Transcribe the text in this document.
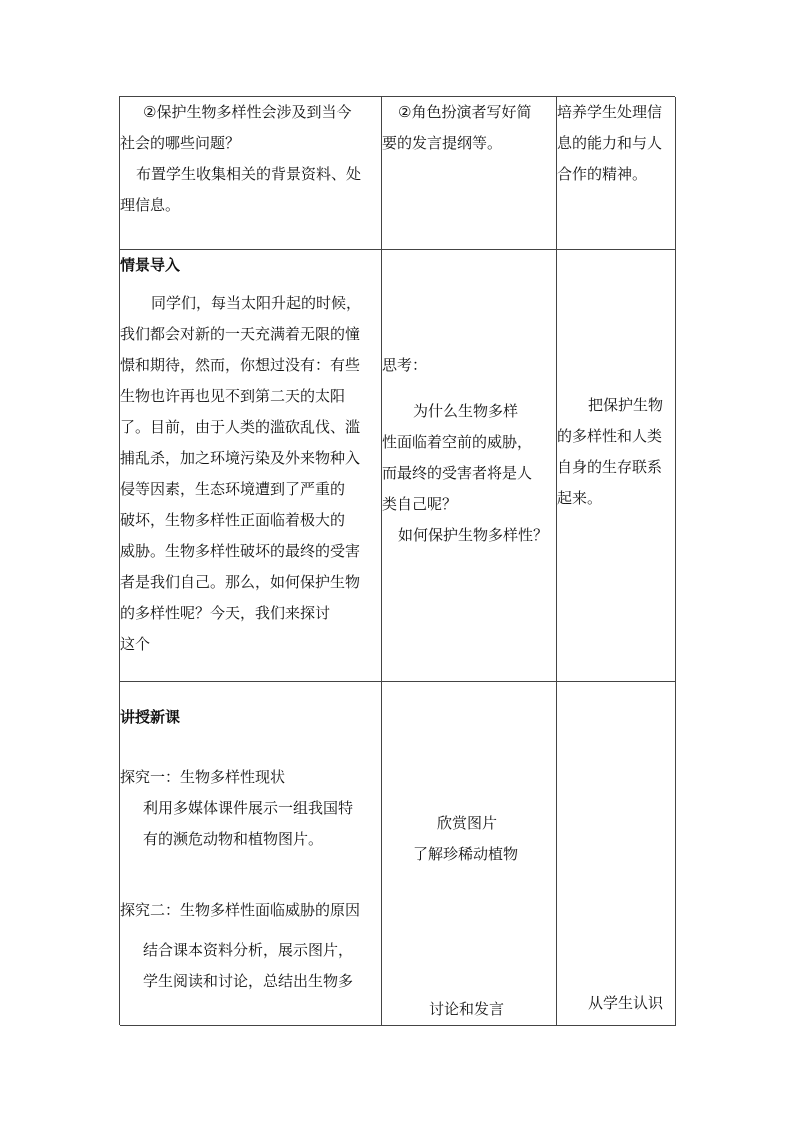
②保护生物多样性会涉及到当今
社会的哪些问题？
布置学生收集相关的背景资料、处
理信息。
②角色扮演者写好简
要的发言提纲等。
培养学生处理信
息的能力和与人
合作的精神。
情景导入
同学们，每当太阳升起的时候，
我们都会对新的一天充满着无限的憧
憬和期待，然而，你想过没有：有些
生物也许再也见不到第二天的太阳
了。目前，由于人类的滥砍乱伐、滥
捕乱杀，加之环境污染及外来物种入
侵等因素，生态环境遭到了严重的
破坏，生物多样性正面临着极大的
威胁。生物多样性破坏的最终的受害
者是我们自己。那么，如何保护生物
的多样性呢？今天，我们来探讨
这个
思考：
为什么生物多样
性面临着空前的威胁，
而最终的受害者将是人
类自己呢？
如何保护生物多样性？
把保护生物
的多样性和人类
自身的生存联系
起来。
讲授新课
探究一：生物多样性现状
利用多媒体课件展示一组我国特
有的濒危动物和植物图片。
探究二：生物多样性面临威胁的原因
结合课本资料分析，展示图片，
学生阅读和讨论，总结出生物多
欣赏图片
了解珍稀动植物
讨论和发言	从学生认识
